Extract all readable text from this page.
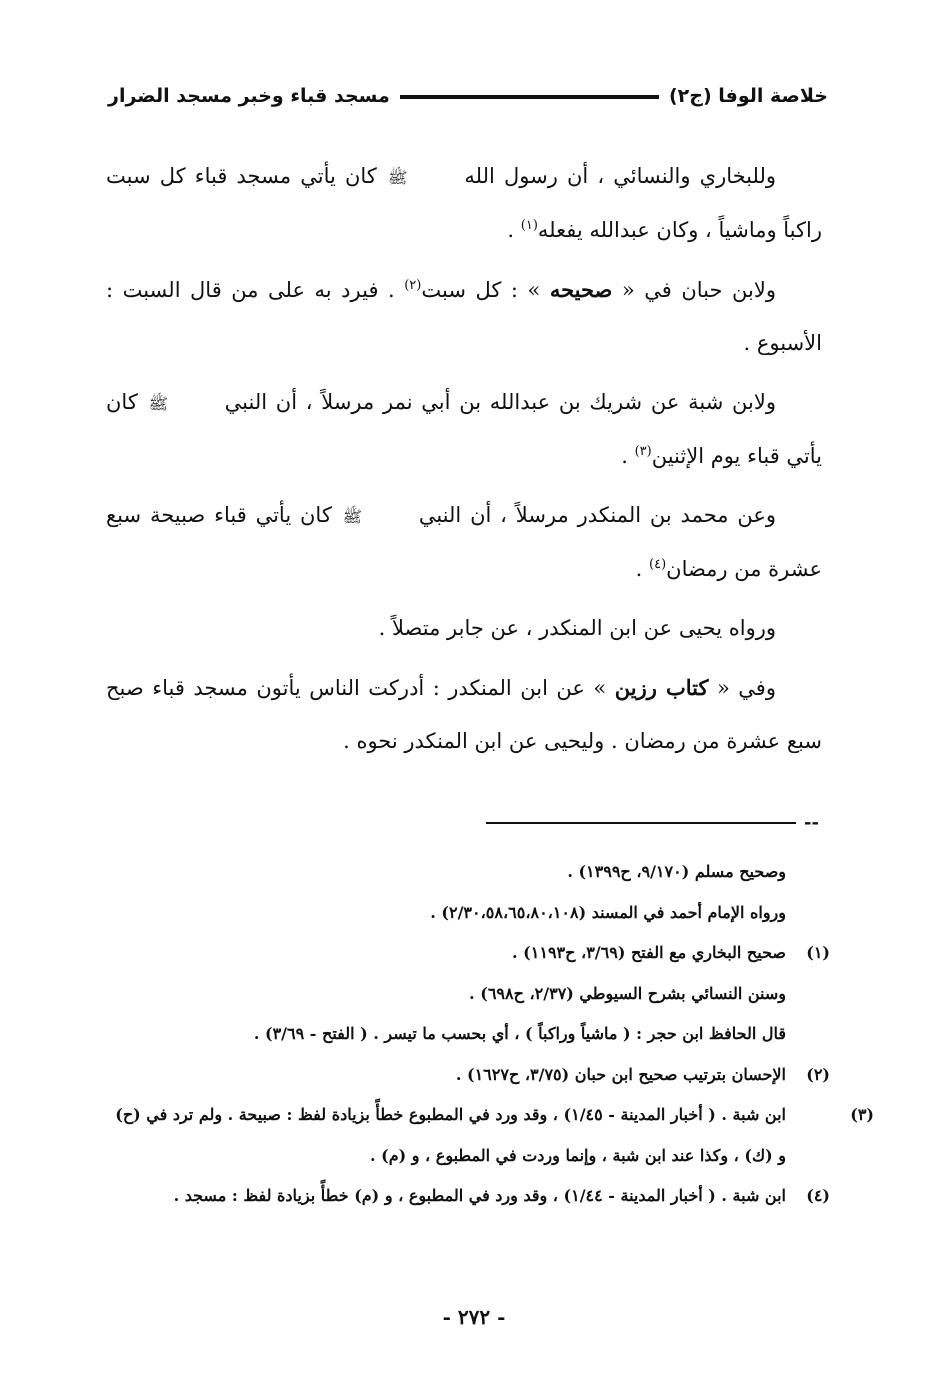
خلاصة الوفا (ج٢)
مسجد قباء وخبر مسجد الضرار

وللبخاري والنسائي ، أن رسول الله ﷺ كان يأتي مسجد قباء كل سبت راكباً وماشياً ، وكان عبدالله يفعله$^{(١)}$ .

ولابن حبان في « صحيحه » : كل سبت$^{(٢)}$ . فيرد به على من قال السبت : الأسبوع .

ولابن شبة عن شريك بن عبدالله بن أبي نمر مرسلاً ، أن النبي ﷺ كان يأتي قباء يوم الإثنين$^{(٣)}$ .

وعن محمد بن المنكدر مرسلاً ، أن النبي ﷺ كان يأتي قباء صبيحة سبع عشرة من رمضان$^{(٤)}$ .

ورواه يحيى عن ابن المنكدر ، عن جابر متصلاً .

وفي « كتاب رزين » عن ابن المنكدر : أدركت الناس يأتون مسجد قباء صبح سبع عشرة من رمضان . وليحيى عن ابن المنكدر نحوه .

--

وصحيح مسلم (٩/١٧٠، ح١٣٩٩) .

ورواه الإمام أحمد في المسند (٢/٣٠،٥٨،٦٥،٨٠،١٠٨) .

(١)صحيح البخاري مع الفتح (٣/٦٩، ح١١٩٣) .

وسنن النسائي بشرح السيوطي (٢/٣٧، ح٦٩٨) .

قال الحافظ ابن حجر : ( ماشياً وراكباً ) ، أي بحسب ما تيسر . ( الفتح - ٣/٦٩) .

(٢)الإحسان بترتيب صحيح ابن حبان (٣/٧٥، ح١٦٢٧) .

(٣)ابن شبة . ( أخبار المدينة - ١/٤٥) ، وقد ورد في المطبوع خطأً بزيادة لفظ : صبيحة . ولم ترد في (ح) و (ك) ، وكذا عند ابن شبة ، وإنما وردت في المطبوع ، و (م) .

(٤)ابن شبة . ( أخبار المدينة - ١/٤٤) ، وقد ورد في المطبوع ، و (م) خطأً بزيادة لفظ : مسجد .

- ٢٧٢ -
